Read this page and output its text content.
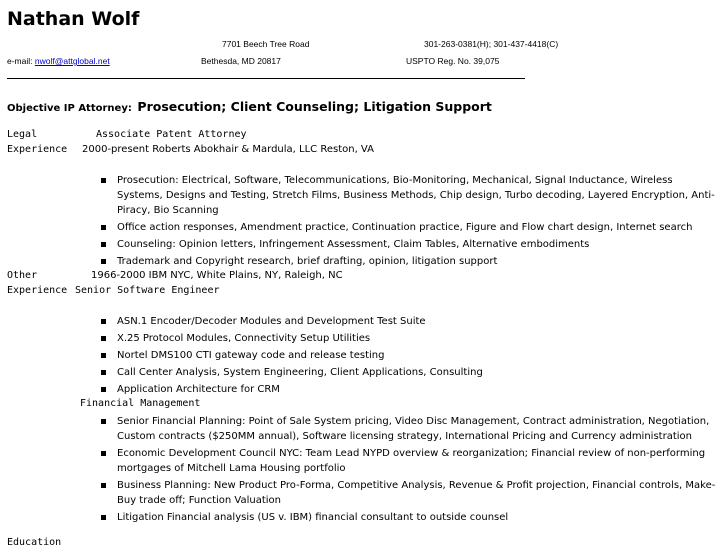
Nathan Wolf
7701 Beech Tree Road	301-263-0381(H); 301-437-4418(C)
e-mail: nwolf@attglobal.net	Bethesda, MD 20817	USPTO Reg. No. 39,075
Objective IP Attorney: Prosecution; Client Counseling; Litigation Support
Legal
Experience
Associate Patent Attorney
2000-present Roberts Abokhair & Mardula, LLC Reston, VA
Prosecution: Electrical, Software, Telecommunications, Bio-Monitoring, Mechanical, Signal Inductance, Wireless Systems, Designs and Testing, Stretch Films, Business Methods, Chip design, Turbo decoding, Layered Encryption, Anti-Piracy, Bio Scanning
Office action responses, Amendment practice, Continuation practice, Figure and Flow chart design, Internet search
Counseling: Opinion letters, Infringement Assessment, Claim Tables, Alternative embodiments
Trademark and Copyright research, brief drafting, opinion, litigation support
Other
Experience
1966-2000 IBM NYC, White Plains, NY, Raleigh, NC
Senior Software Engineer
ASN.1 Encoder/Decoder Modules and Development Test Suite
X.25 Protocol Modules, Connectivity Setup Utilities
Nortel DMS100 CTI gateway code and release testing
Call Center Analysis, System Engineering, Client Applications, Consulting
Application Architecture for CRM
Financial Management
Senior Financial Planning: Point of Sale System pricing, Video Disc Management, Contract administration, Negotiation, Custom contracts ($250MM annual), Software licensing strategy, International Pricing and Currency administration
Economic Development Council NYC: Team Lead NYPD overview & reorganization; Financial review of non-performing mortgages of Mitchell Lama Housing portfolio
Business Planning: New Product Pro-Forma, Competitive Analysis, Revenue & Profit projection, Financial controls, Make-Buy trade off; Function Valuation
Litigation Financial analysis (US v. IBM) financial consultant to outside counsel
Education
